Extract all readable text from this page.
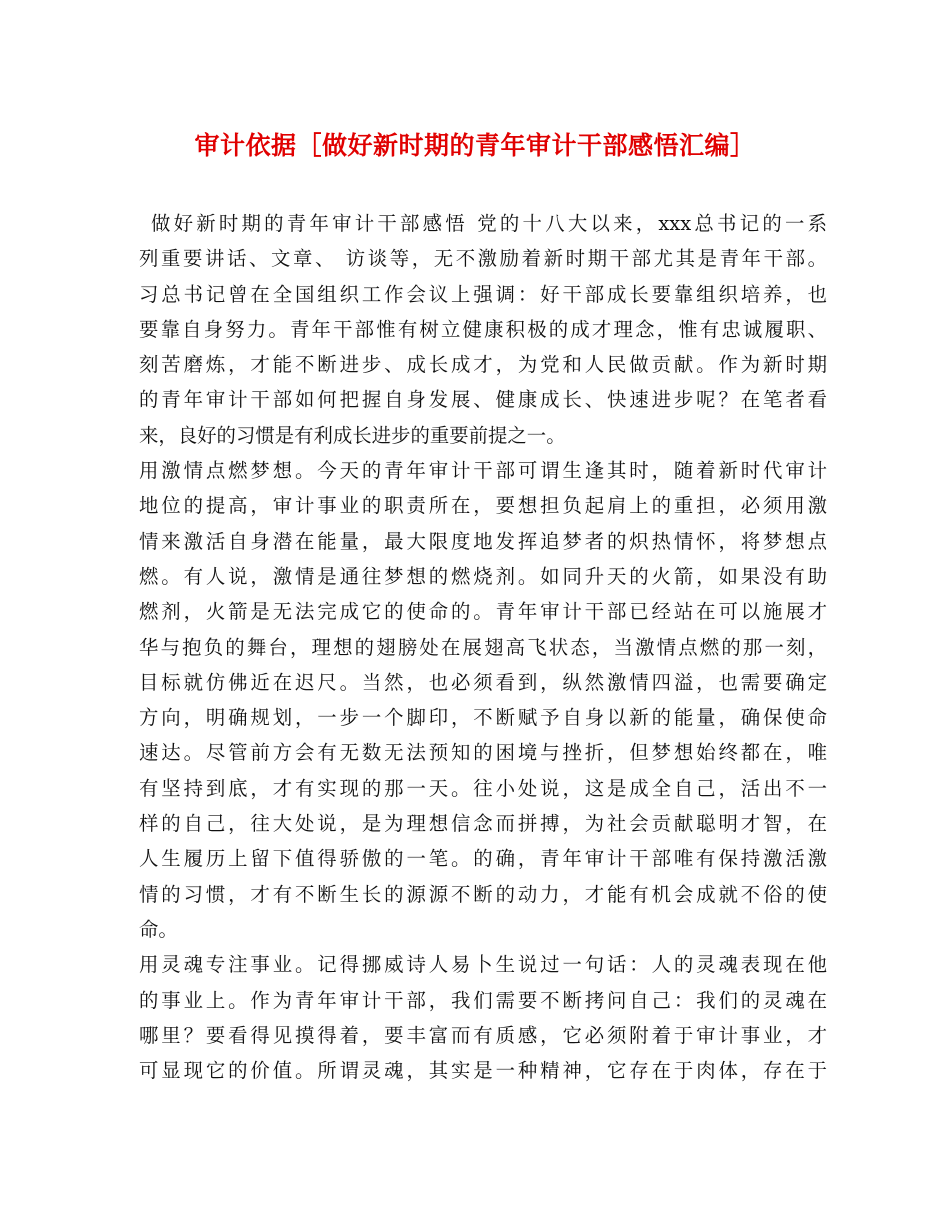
审计依据［做好新时期的青年审计干部感悟汇编］
做好新时期的青年审计干部感悟 党的十八大以来，xxx总书记的一系
列重要讲话、文章、 访谈等，无不激励着新时期干部尤其是青年干部。
习总书记曾在全国组织工作会议上强调：好干部成长要靠组织培养，也
要靠自身努力。青年干部惟有树立健康积极的成才理念，惟有忠诚履职、
刻苦磨炼，才能不断进步、成长成才，为党和人民做贡献。作为新时期
的青年审计干部如何把握自身发展、健康成长、快速进步呢？在笔者看
来，良好的习惯是有利成长进步的重要前提之一。
用激情点燃梦想。今天的青年审计干部可谓生逢其时，随着新时代审计
地位的提高，审计事业的职责所在，要想担负起肩上的重担，必须用激
情来激活自身潜在能量，最大限度地发挥追梦者的炽热情怀，将梦想点
燃。有人说，激情是通往梦想的燃烧剂。如同升天的火箭，如果没有助
燃剂，火箭是无法完成它的使命的。青年审计干部已经站在可以施展才
华与抱负的舞台，理想的翅膀处在展翅高飞状态，当激情点燃的那一刻，
目标就仿佛近在迟尺。当然，也必须看到，纵然激情四溢，也需要确定
方向，明确规划，一步一个脚印，不断赋予自身以新的能量，确保使命
速达。尽管前方会有无数无法预知的困境与挫折，但梦想始终都在，唯
有坚持到底，才有实现的那一天。往小处说，这是成全自己，活出不一
样的自己，往大处说，是为理想信念而拼搏，为社会贡献聪明才智，在
人生履历上留下值得骄傲的一笔。的确，青年审计干部唯有保持激活激
情的习惯，才有不断生长的源源不断的动力，才能有机会成就不俗的使
命。
用灵魂专注事业。记得挪威诗人易卜生说过一句话：人的灵魂表现在他
的事业上。作为青年审计干部，我们需要不断拷问自己：我们的灵魂在
哪里？要看得见摸得着，要丰富而有质感，它必须附着于审计事业，才
可显现它的价值。所谓灵魂，其实是一种精神，它存在于肉体，存在于
